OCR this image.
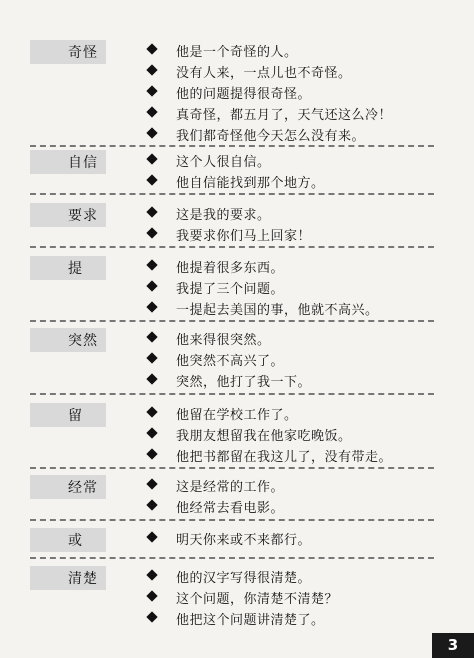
奇怪	他是一个奇怪的人。
没有人来，一点儿也不奇怪。
他的问题提得很奇怪。
真奇怪，都五月了，天气还这么冷！
我们都奇怪他今天怎么没有来。
自信	这个人很自信。
他自信能找到那个地方。
要求	这是我的要求。
我要求你们马上回家！
提	他提着很多东西。
我提了三个问题。
一提起去美国的事，他就不高兴。
突然	他来得很突然。
他突然不高兴了。
突然，他打了我一下。
留	他留在学校工作了。
我朋友想留我在他家吃晚饭。
他把书都留在我这儿了，没有带走。
经常	这是经常的工作。
他经常去看电影。
或	明天你来或不来都行。
清楚	他的汉字写得很清楚。
这个问题，你清楚不清楚？
他把这个问题讲清楚了。
3
